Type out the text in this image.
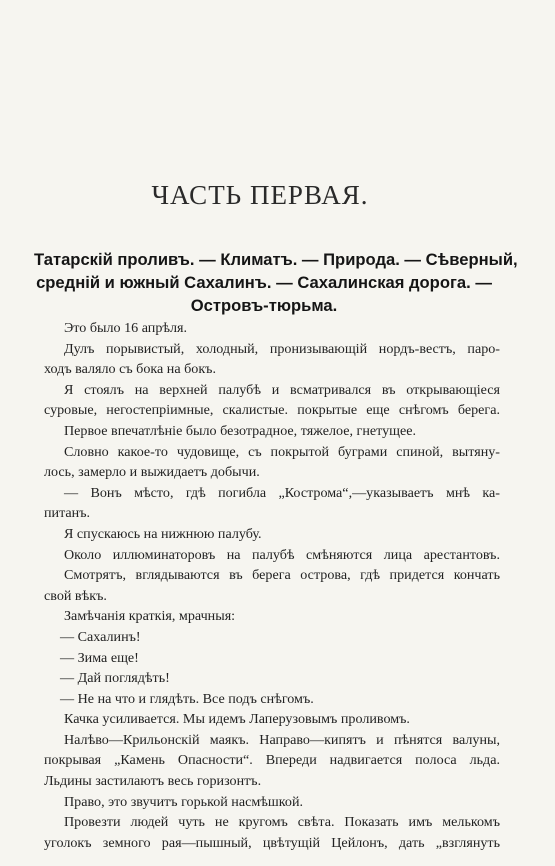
ЧАСТЬ ПЕРВАЯ.
Татарскій проливъ. — Климатъ. — Природа. — Сѣверный,
средній и южный Сахалинъ. — Сахалинская дорога. —
Островъ-тюрьма.
Это было 16 апрѣля.
Дулъ порывистый, холодный, пронизывающій нордъ-вестъ, паро-
ходъ валяло съ бока на бокъ.
Я стоялъ на верхней палубѣ и всматривался въ открывающіеся
суровые, негостепріимные, скалистые. покрытые еще снѣгомъ берега.
Первое впечатлѣніе было безотрадное, тяжелое, гнетущее.
Словно какое-то чудовище, съ покрытой буграми спиной, вытяну-
лось, замерло и выжидаетъ добычи.
— Вонъ мѣсто, гдѣ погибла „Кострома“,—указываетъ мнѣ ка-
питанъ.
Я спускаюсь на нижнюю палубу.
Около иллюминаторовъ на палубѣ смѣняются лица арестантовъ.
Смотрятъ, вглядываются въ берега острова, гдѣ придется кончать
свой вѣкъ.
Замѣчанія краткія, мрачныя:
— Сахалинъ!
— Зима еще!
— Дай поглядѣть!
— Не на что и глядѣть. Все подъ снѣгомъ.
Качка усиливается. Мы идемъ Лаперузовымъ проливомъ.
Налѣво—Крильонскій маякъ. Направо—кипятъ и пѣнятся валуны,
покрывая „Камень Опасности“. Впереди надвигается полоса льда.
Льдины застилаютъ весь горизонтъ.
Право, это звучитъ горькой насмѣшкой.
Провезти людей чуть не кругомъ свѣта. Показать имъ мелькомъ
уголокъ земного рая—пышный, цвѣтущій Цейлонъ, дать „взглянуть
